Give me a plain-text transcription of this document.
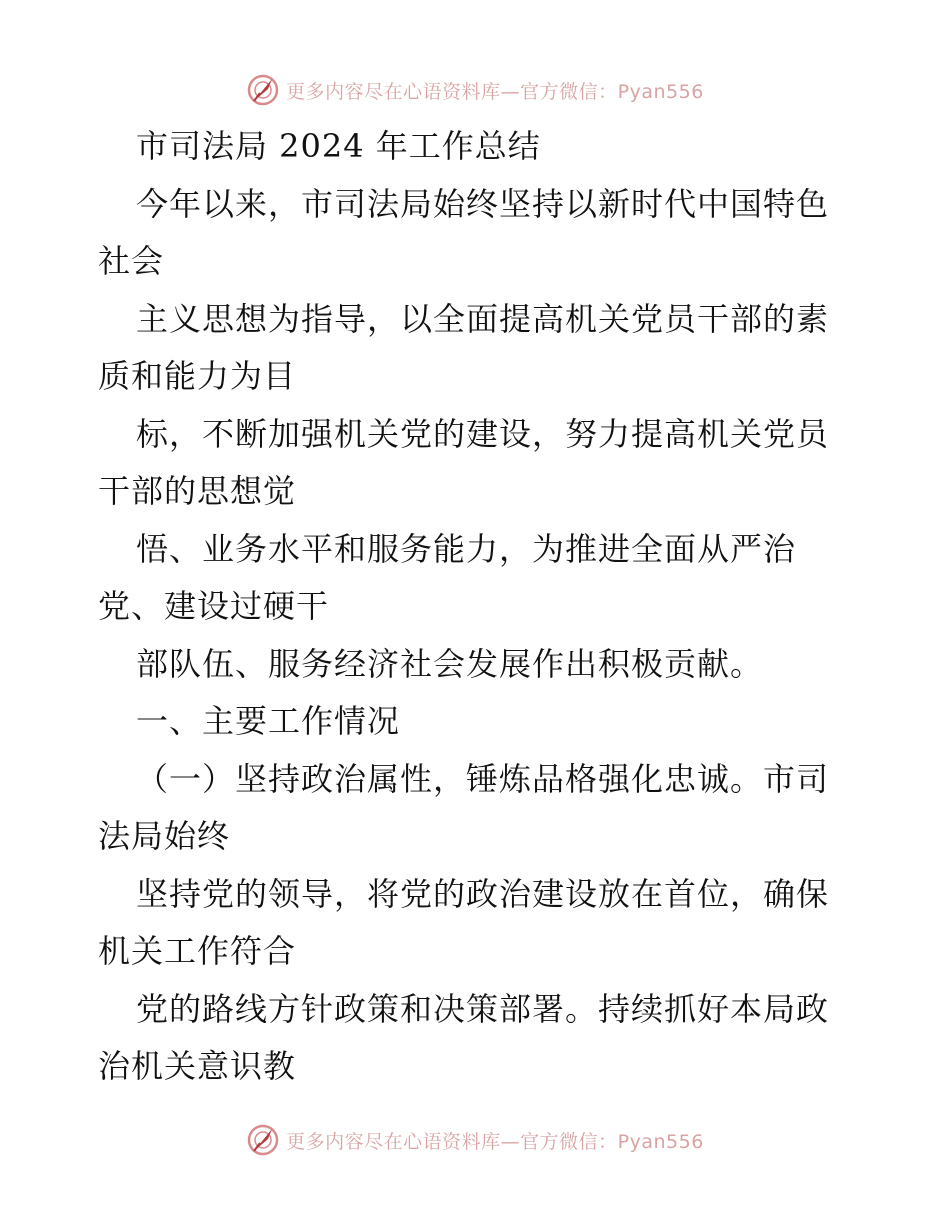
更多内容尽在心语资料库—官方微信：Pyan556
市司法局 2024 年工作总结
今年以来，市司法局始终坚持以新时代中国特色
社会
主义思想为指导，以全面提高机关党员干部的素
质和能力为目
标，不断加强机关党的建设，努力提高机关党员
干部的思想觉
悟、业务水平和服务能力，为推进全面从严治
党、建设过硬干
部队伍、服务经济社会发展作出积极贡献。
一、主要工作情况
（一）坚持政治属性，锤炼品格强化忠诚。市司
法局始终
坚持党的领导，将党的政治建设放在首位，确保
机关工作符合
党的路线方针政策和决策部署。持续抓好本局政
治机关意识教
更多内容尽在心语资料库—官方微信：Pyan556
